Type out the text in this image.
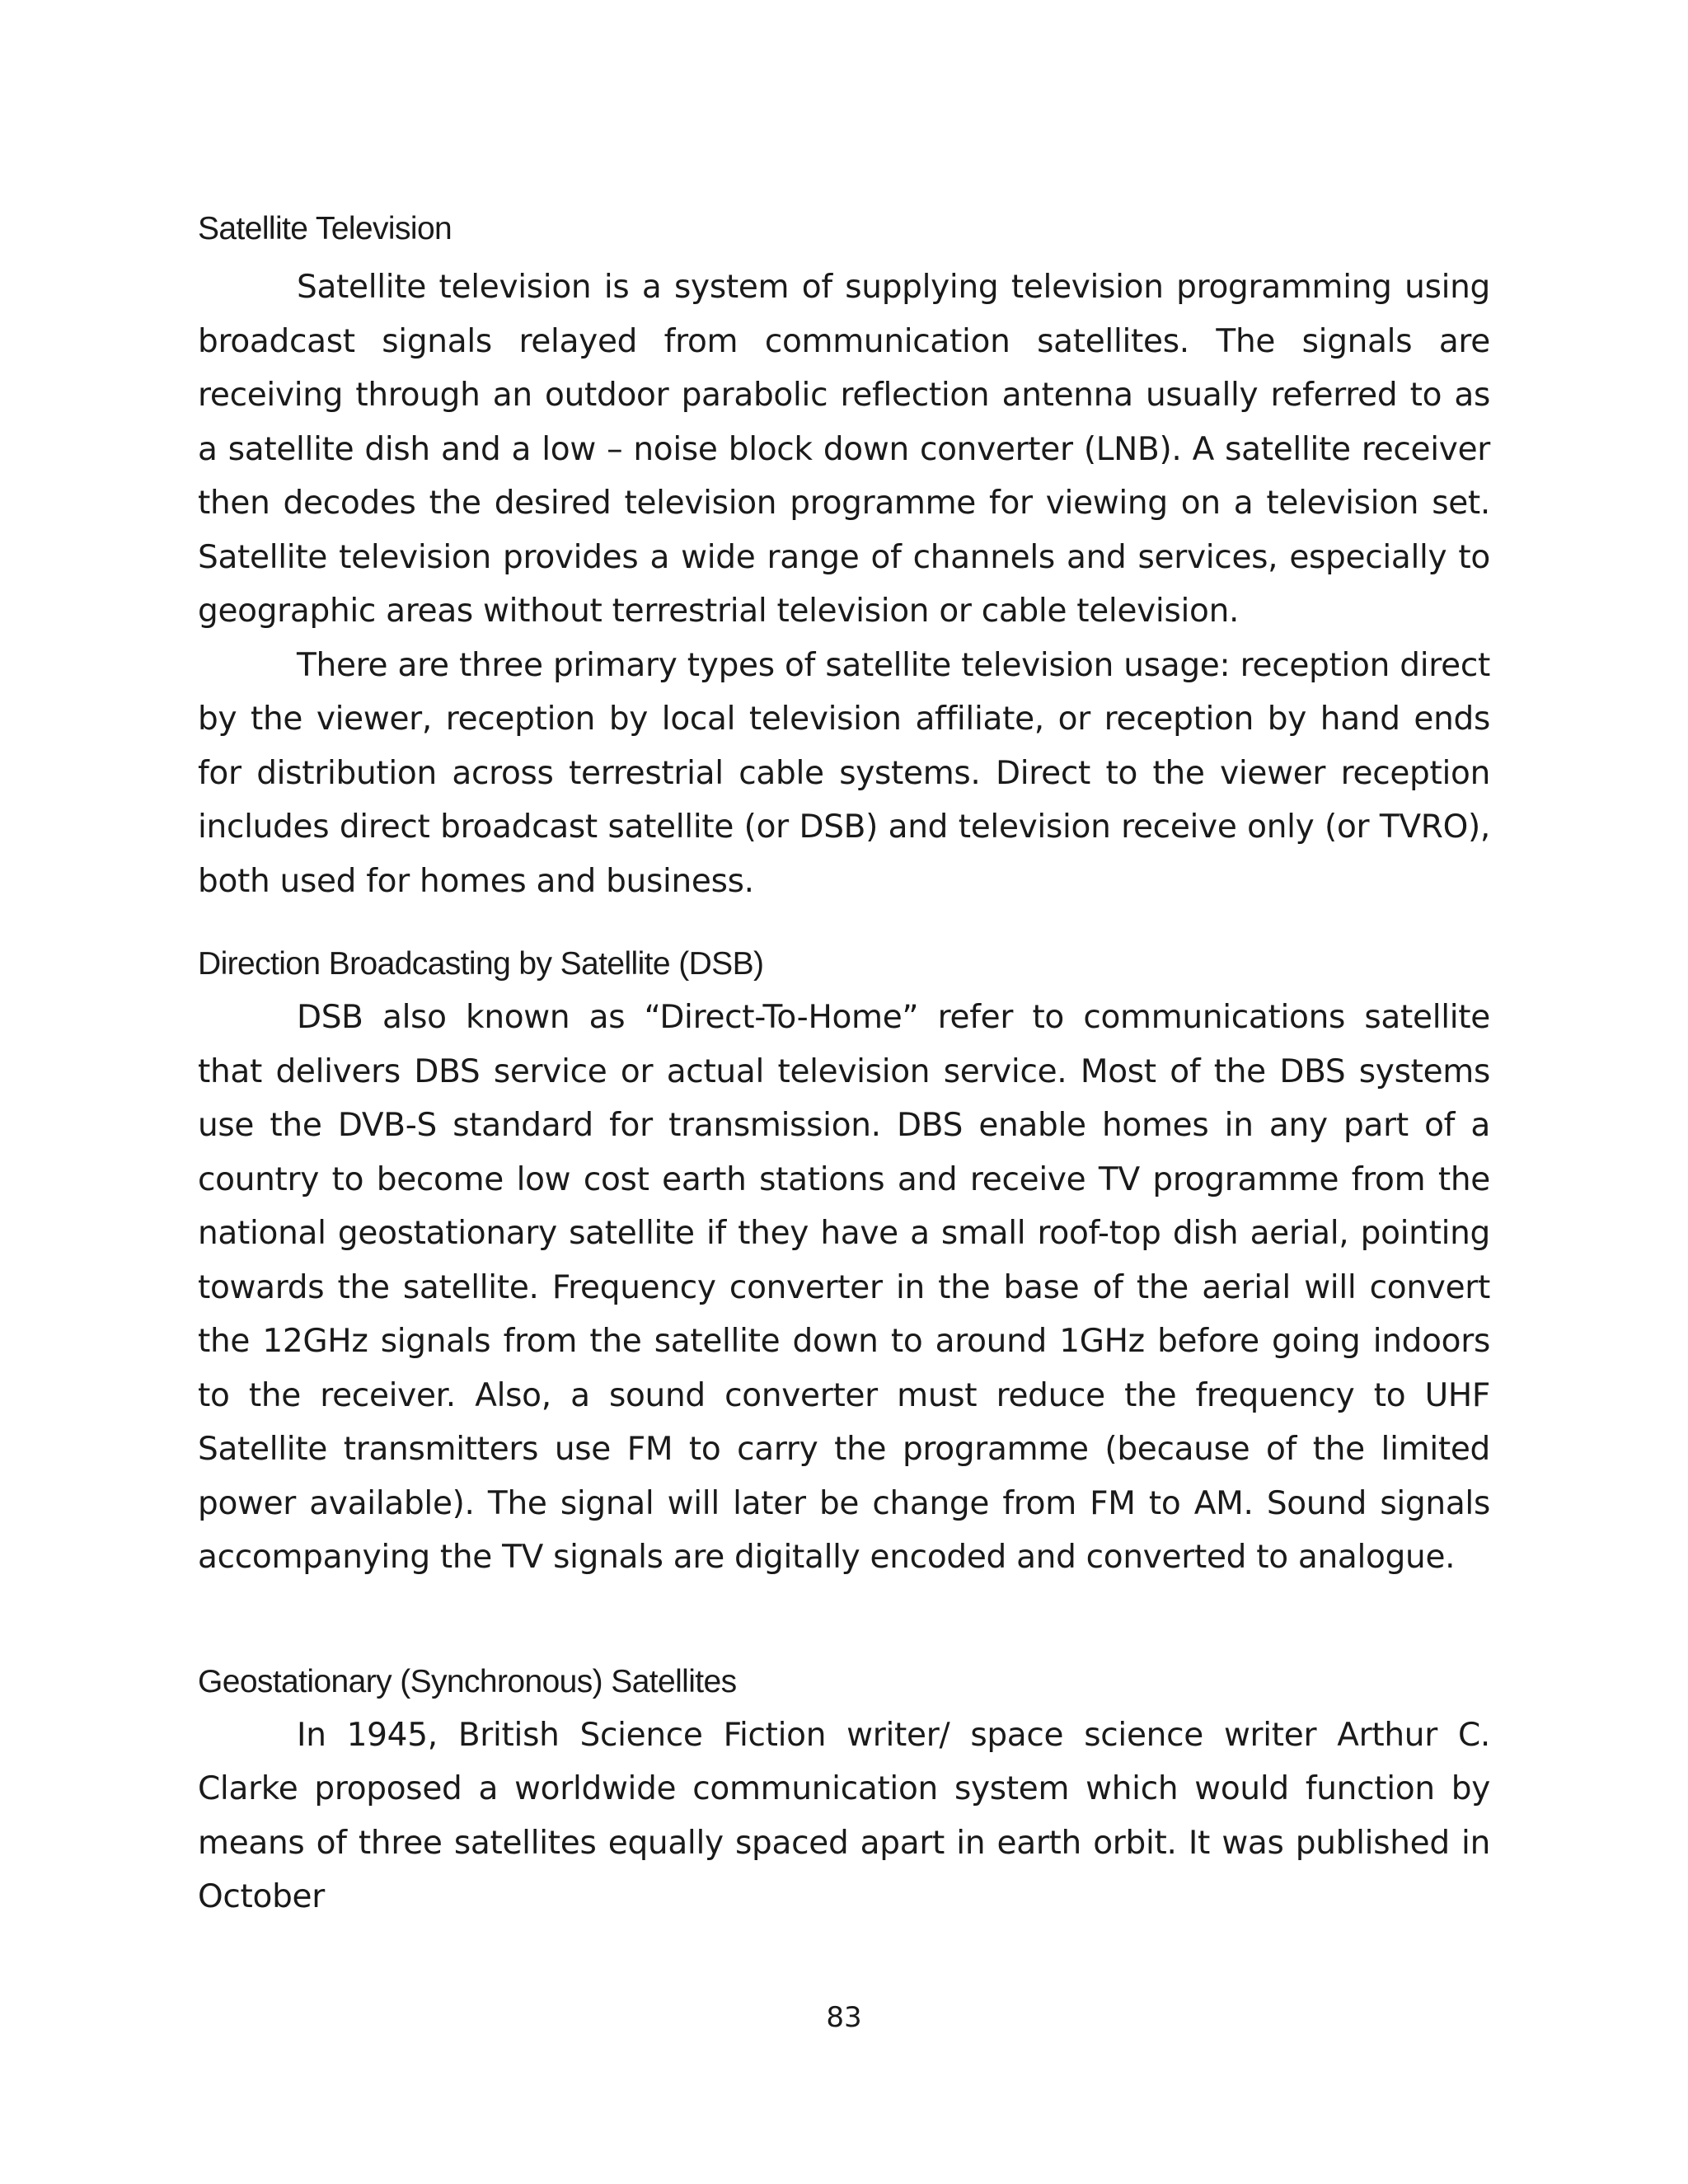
Satellite Television

Satellite television is a system of supplying television programming using broadcast signals relayed from communication satellites. The signals are receiving through an outdoor parabolic reflection antenna usually referred to as a satellite dish and a low – noise block down converter (LNB). A satellite receiver then decodes the desired television programme for viewing on a television set. Satellite television provides a wide range of channels and services, especially to geographic areas without terrestrial television or cable television.

There are three primary types of satellite television usage: reception direct by the viewer, reception by local television affiliate, or reception by hand ends for distribution across terrestrial cable systems. Direct to the viewer reception includes direct broadcast satellite (or DSB) and television receive only (or TVRO), both used for homes and business.

Direction Broadcasting by Satellite (DSB)

DSB also known as “Direct-To-Home” refer to communications satellite that delivers DBS service or actual television service. Most of the DBS systems use the DVB-S standard for transmission. DBS enable homes in any part of a country to become low cost earth stations and receive TV programme from the national geostationary satellite if they have a small roof-top dish aerial, pointing towards the satellite. Frequency converter in the base of the aerial will convert the 12GHz signals from the satellite down to around 1GHz before going indoors to the receiver. Also, a sound converter must reduce the frequency to UHF Satellite transmitters use FM to carry the programme (because of the limited power available). The signal will later be change from FM to AM. Sound signals accompanying the TV signals are digitally encoded and converted to analogue.

Geostationary (Synchronous) Satellites

In 1945, British Science Fiction writer/ space science writer Arthur C. Clarke proposed a worldwide communication system which would function by means of three satellites equally spaced apart in earth orbit. It was published in October

83
